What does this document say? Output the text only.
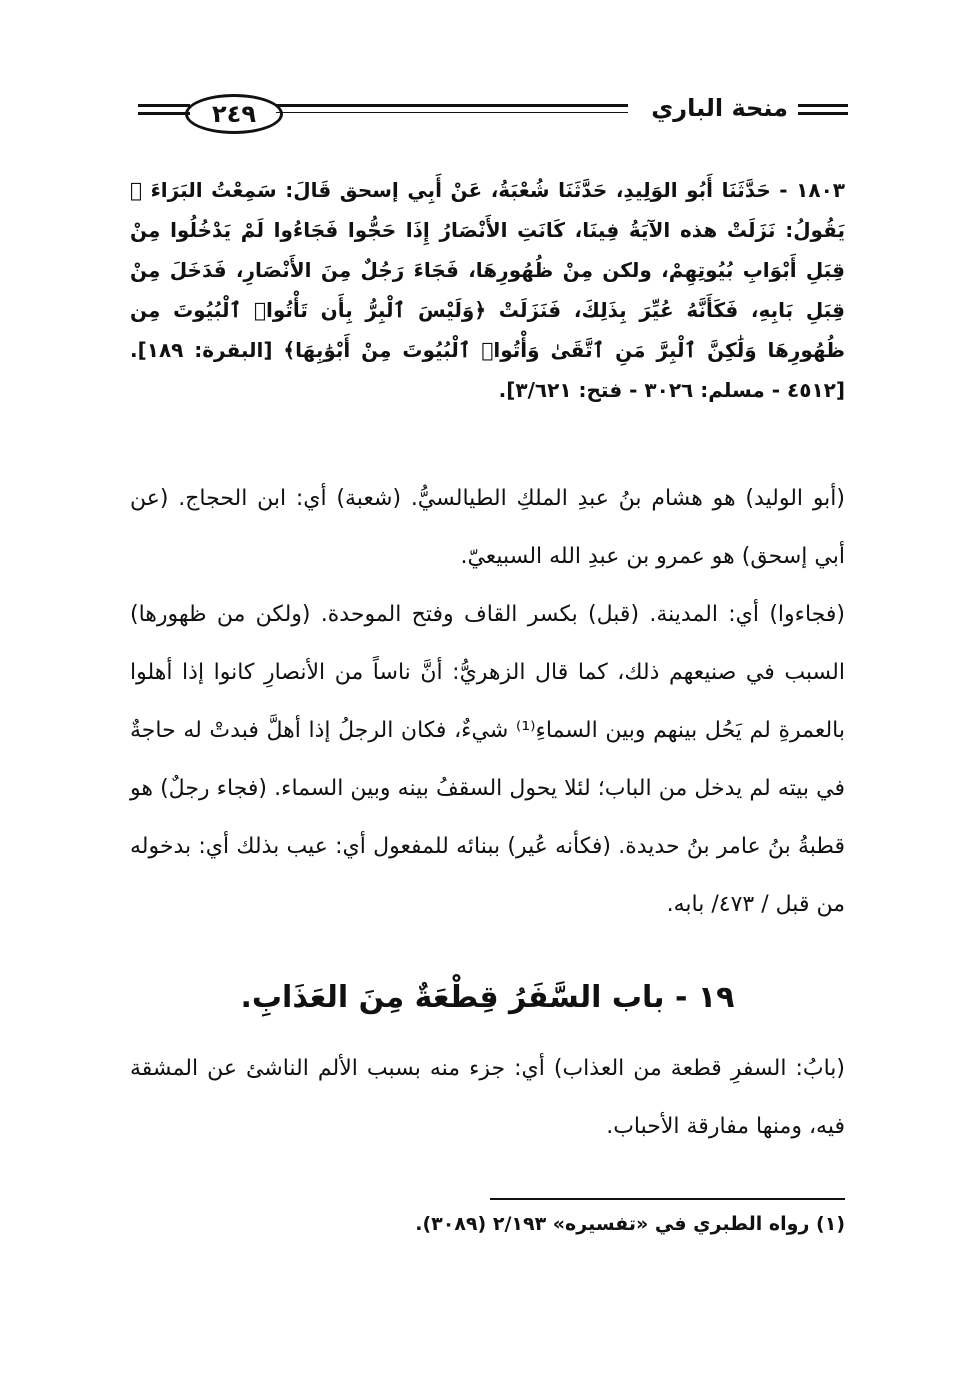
٢٤٩	منحة الباري
١٨٠٣ - حَدَّثَنَا أَبُو الوَلِيدِ، حَدَّثَنَا شُعْبَةُ، عَنْ أَبِي إسحق قَالَ: سَمِعْتُ البَرَاءَ ﷺ يَقُولُ: نَزَلَتْ هذه الآيَةُ فِينَا، كَانَتِ الأَنْصَارُ إِذَا حَجُّوا فَجَاءُوا لَمْ يَدْخُلُوا مِنْ قِبَلِ أَبْوَابِ بُيُوتِهِمْ، ولكن مِنْ ظُهُورِهَا، فَجَاءَ رَجُلٌ مِنَ الأَنْصَارِ، فَدَخَلَ مِنْ قِبَلِ بَابِهِ، فَكَأَنَّهُ عُيِّرَ بِذَلِكَ، فَنَزَلَتْ ﴿وَلَيْسَ ٱلْبِرُّ بِأَن تَأْتُوا۟ ٱلْبُيُوتَ مِن ظُهُورِهَا وَلَٰكِنَّ ٱلْبِرَّ مَنِ ٱتَّقَىٰ وَأْتُوا۟ ٱلْبُيُوتَ مِنْ أَبْوَٰبِهَا﴾ [البقرة: ١٨٩]. [٤٥١٢ - مسلم: ٣٠٢٦ - فتح: ٣/٦٢١].

(أبو الوليد) هو هشام بنُ عبدِ الملكِ الطيالسيُّ. (شعبة) أي: ابن الحجاج. (عن أبي إسحق) هو عمرو بن عبدِ الله السبيعيّ.

(فجاءوا) أي: المدينة. (قبل) بكسر القاف وفتح الموحدة. (ولكن من ظهورها) السبب في صنيعهم ذلك، كما قال الزهريُّ: أنَّ ناساً من الأنصارِ كانوا إذا أهلوا بالعمرةِ لم يَحُل بينهم وبين السماءِ⁽¹⁾ شيءٌ، فكان الرجلُ إذا أهلَّ فبدتْ له حاجةٌ في بيته لم يدخل من الباب؛ لئلا يحول السقفُ بينه وبين السماء. (فجاء رجلٌ) هو قطبةُ بنُ عامر بنُ حديدة. (فكأنه عُير) ببنائه للمفعول أي: عيب بذلك أي: بدخوله من قبل / ٤٧٣/ بابه.

١٩ - باب السَّفَرُ قِطْعَةٌ مِنَ العَذَابِ.
(بابُ: السفرِ قطعة من العذاب) أي: جزء منه بسبب الألم الناشئ عن المشقة فيه، ومنها مفارقة الأحباب.
(١) رواه الطبري في «تفسيره» ٢/١٩٣ (٣٠٨٩).
